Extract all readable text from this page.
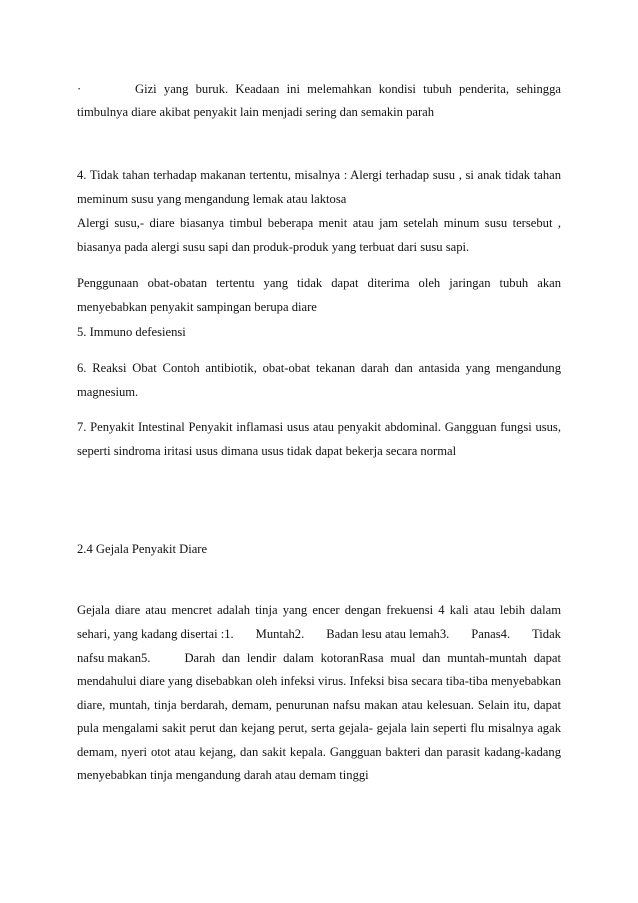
·	Gizi yang buruk. Keadaan ini melemahkan kondisi tubuh penderita, sehingga

timbulnya diare akibat penyakit lain menjadi sering dan semakin parah

4. Tidak tahan terhadap makanan tertentu, misalnya : Alergi terhadap susu , si anak tidak tahan meminum susu yang mengandung lemak atau laktosa

Alergi susu,- diare biasanya timbul beberapa menit atau jam setelah minum susu tersebut , biasanya pada alergi susu sapi dan produk-produk yang terbuat dari susu sapi.

Penggunaan obat-obatan tertentu yang tidak dapat diterima oleh jaringan tubuh akan menyebabkan penyakit sampingan berupa diare

5. Immuno defesiensi

6. Reaksi Obat Contoh antibiotik, obat-obat tekanan darah dan antasida yang mengandung magnesium.

7. Penyakit Intestinal Penyakit inflamasi usus atau penyakit abdominal. Gangguan fungsi usus, seperti sindroma iritasi usus dimana usus tidak dapat bekerja secara normal

2.4 Gejala Penyakit Diare

Gejala diare atau mencret adalah tinja yang encer dengan frekuensi 4 kali atau lebih dalam

sehari, yang kadang disertai :1. Muntah2. Badan lesu atau lemah3. Panas4. Tidak
nafsu makan5.	Darah dan lendir dalam kotoranRasa mual dan muntah-muntah dapat

mendahului diare yang disebabkan oleh infeksi virus. Infeksi bisa secara tiba-tiba menyebabkan diare, muntah, tinja berdarah, demam, penurunan nafsu makan atau kelesuan. Selain itu, dapat pula mengalami sakit perut dan kejang perut, serta gejala- gejala lain seperti flu misalnya agak demam, nyeri otot atau kejang, dan sakit kepala. Gangguan bakteri dan parasit kadang-kadang menyebabkan tinja mengandung darah atau demam tinggi
